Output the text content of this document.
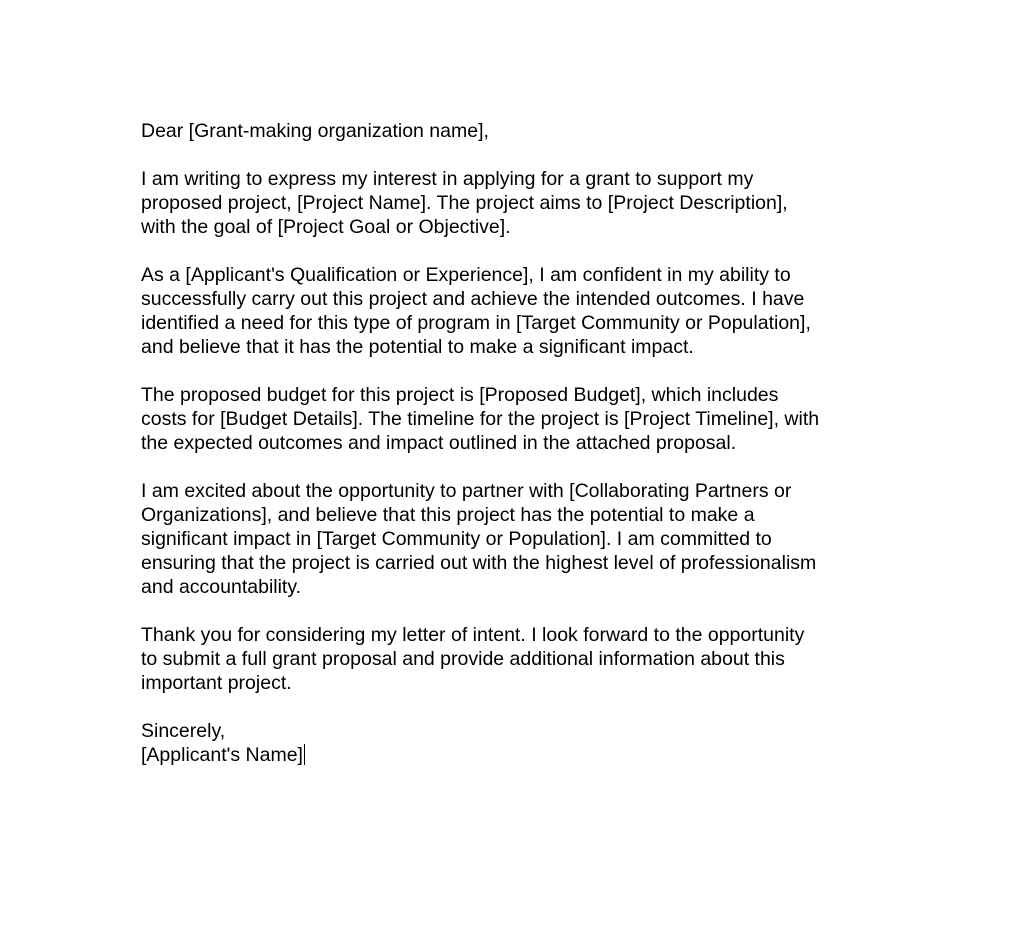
Dear [Grant-making organization name],
I am writing to express my interest in applying for a grant to support my
proposed project, [Project Name]. The project aims to [Project Description],
with the goal of [Project Goal or Objective].
As a [Applicant's Qualification or Experience], I am confident in my ability to
successfully carry out this project and achieve the intended outcomes. I have
identified a need for this type of program in [Target Community or Population],
and believe that it has the potential to make a significant impact.
The proposed budget for this project is [Proposed Budget], which includes
costs for [Budget Details]. The timeline for the project is [Project Timeline], with
the expected outcomes and impact outlined in the attached proposal.
I am excited about the opportunity to partner with [Collaborating Partners or
Organizations], and believe that this project has the potential to make a
significant impact in [Target Community or Population]. I am committed to
ensuring that the project is carried out with the highest level of professionalism
and accountability.
Thank you for considering my letter of intent. I look forward to the opportunity
to submit a full grant proposal and provide additional information about this
important project.
Sincerely,
[Applicant's Name]
